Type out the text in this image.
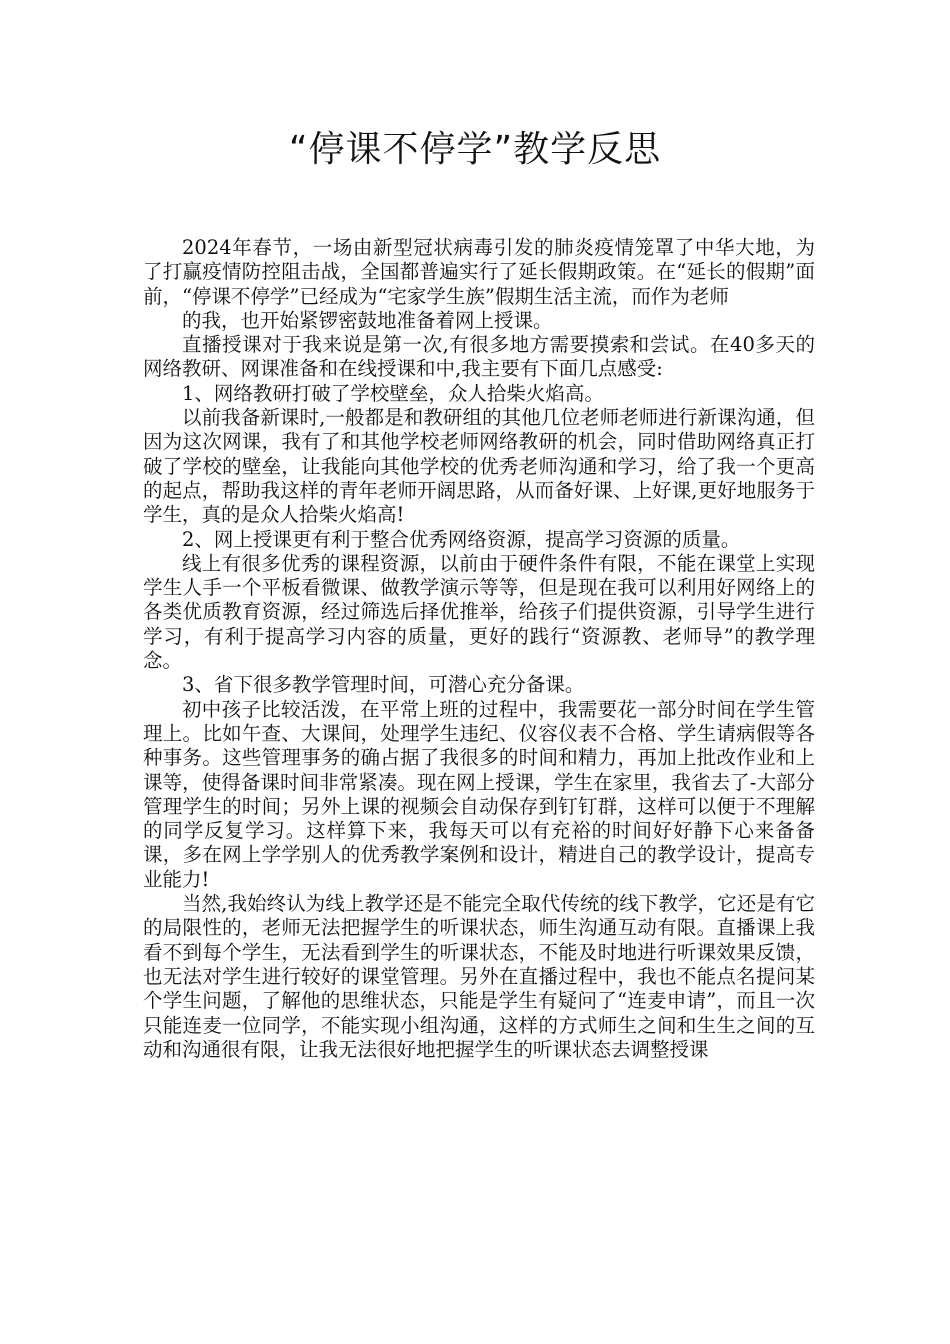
“停课不停学”教学反思

2024年春节，一场由新型冠状病毒引发的肺炎疫情笼罩了中华大地，为了打赢疫情防控阻击战，全国都普遍实行了延长假期政策。在“延长的假期”面前，“停课不停学”已经成为“宅家学生族”假期生活主流，而作为老师

的我，也开始紧锣密鼓地准备着网上授课。

直播授课对于我来说是第一次,有很多地方需要摸索和尝试。在40多天的网络教研、网课准备和在线授课和中,我主要有下面几点感受:

1、网络教研打破了学校壁垒，众人拾柴火焰高。

以前我备新课时,一般都是和教研组的其他几位老师老师进行新课沟通，但因为这次网课，我有了和其他学校老师网络教研的机会，同时借助网络真正打破了学校的壁垒，让我能向其他学校的优秀老师沟通和学习，给了我一个更高的起点，帮助我这样的青年老师开阔思路，从而备好课、上好课,更好地服务于学生，真的是众人拾柴火焰高!

2、网上授课更有利于整合优秀网络资源，提高学习资源的质量。

线上有很多优秀的课程资源，以前由于硬件条件有限，不能在课堂上实现学生人手一个平板看微课、做教学演示等等，但是现在我可以利用好网络上的各类优质教育资源，经过筛选后择优推举，给孩子们提供资源，引导学生进行学习，有利于提高学习内容的质量，更好的践行“资源教、老师导”的教学理念。

3、省下很多教学管理时间，可潜心充分备课。

初中孩子比较活泼，在平常上班的过程中，我需要花一部分时间在学生管理上。比如午查、大课间，处理学生违纪、仪容仪表不合格、学生请病假等各种事务。这些管理事务的确占据了我很多的时间和精力，再加上批改作业和上课等，使得备课时间非常紧凑。现在网上授课，学生在家里，我省去了-大部分管理学生的时间；另外上课的视频会自动保存到钉钉群，这样可以便于不理解的同学反复学习。这样算下来，我每天可以有充裕的时间好好静下心来备备课，多在网上学学别人的优秀教学案例和设计，精进自己的教学设计，提高专业能力!

当然,我始终认为线上教学还是不能完全取代传统的线下教学，它还是有它的局限性的，老师无法把握学生的听课状态，师生沟通互动有限。直播课上我看不到每个学生，无法看到学生的听课状态，不能及时地进行听课效果反馈，也无法对学生进行较好的课堂管理。另外在直播过程中，我也不能点名提问某个学生问题，了解他的思维状态，只能是学生有疑问了“连麦申请”，而且一次只能连麦一位同学，不能实现小组沟通，这样的方式师生之间和生生之间的互动和沟通很有限，让我无法很好地把握学生的听课状态去调整授课
